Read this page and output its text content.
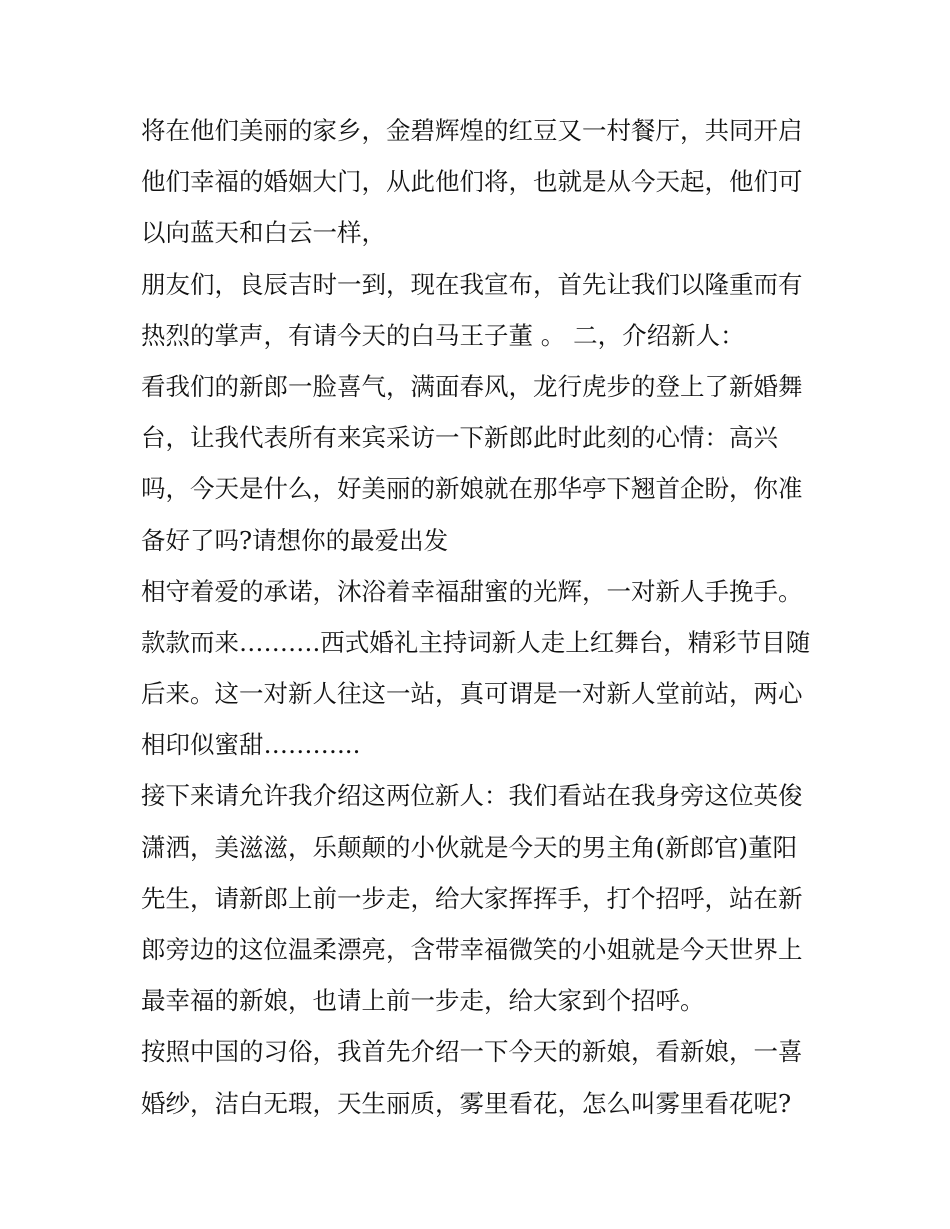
将在他们美丽的家乡，金碧辉煌的红豆又一村餐厅，共同开启
他们幸福的婚姻大门，从此他们将，也就是从今天起，他们可
以向蓝天和白云一样，

朋友们，良辰吉时一到，现在我宣布，首先让我们以隆重而有
热烈的掌声，有请今天的白马王子董 。 二，介绍新人：

看我们的新郎一脸喜气，满面春风，龙行虎步的登上了新婚舞
台，让我代表所有来宾采访一下新郎此时此刻的心情：高兴
吗，今天是什么，好美丽的新娘就在那华亭下翘首企盼，你准
备好了吗?请想你的最爱出发

相守着爱的承诺，沐浴着幸福甜蜜的光辉，一对新人手挽手。
款款而来……….西式婚礼主持词新人走上红舞台，精彩节目随
后来。这一对新人往这一站，真可谓是一对新人堂前站，两心
相印似蜜甜………...

接下来请允许我介绍这两位新人：我们看站在我身旁这位英俊
潇洒，美滋滋，乐颠颠的小伙就是今天的男主角(新郎官)董阳
先生，请新郎上前一步走，给大家挥挥手，打个招呼，站在新
郎旁边的这位温柔漂亮，含带幸福微笑的小姐就是今天世界上
最幸福的新娘，也请上前一步走，给大家到个招呼。

按照中国的习俗，我首先介绍一下今天的新娘，看新娘，一喜
婚纱，洁白无瑕，天生丽质，雾里看花，怎么叫雾里看花呢?
